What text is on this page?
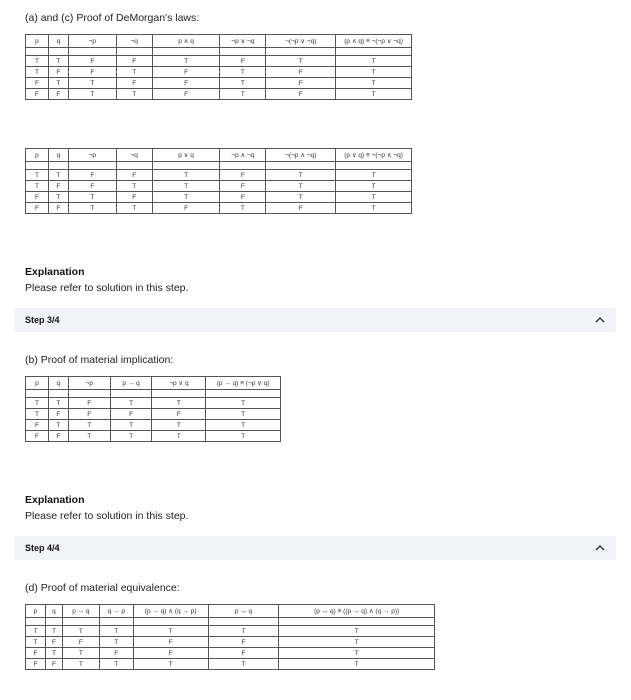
(a) and (c) Proof of DeMorgan's laws:
p	q	¬p	¬q	p ∧ q	¬p ∨ ¬q	¬(¬p ∨ ¬q)	(p ∧ q) ≡ ¬(¬p ∨ ¬q)

T	T	F	F	T	F	T	T
T	F	F	T	F	T	F	T
F	T	T	F	F	T	F	T
F	F	T	T	F	T	F	T
p	q	¬p	¬q	p ∨ q	¬p ∧ ¬q	¬(¬p ∧ ¬q)	(p ∨ q) ≡ ¬(¬p ∧ ¬q)

T	T	F	F	T	F	T	T
T	F	F	T	T	F	T	T
F	T	T	F	T	F	T	T
F	F	T	T	F	T	F	T
Explanation
Please refer to solution in this step.
Step 3/4
(b) Proof of material implication:
p	q	¬p	p → q	¬p ∨ q	(p → q) ≡ (¬p ∨ q)

T	T	F	T	T	T
T	F	F	F	F	T
F	T	T	T	T	T
F	F	T	T	T	T
Explanation
Please refer to solution in this step.
Step 4/4
(d) Proof of material equivalence:
p	q	p → q	q → p	(p → q) ∧ (q → p)	p ↔ q	(p ↔ q) ≡ ((p → q) ∧ (q → p))

T	T	T	T	T	T	T
T	F	F	T	F	F	T
F	T	T	F	F	F	T
F	F	T	T	T	T	T
